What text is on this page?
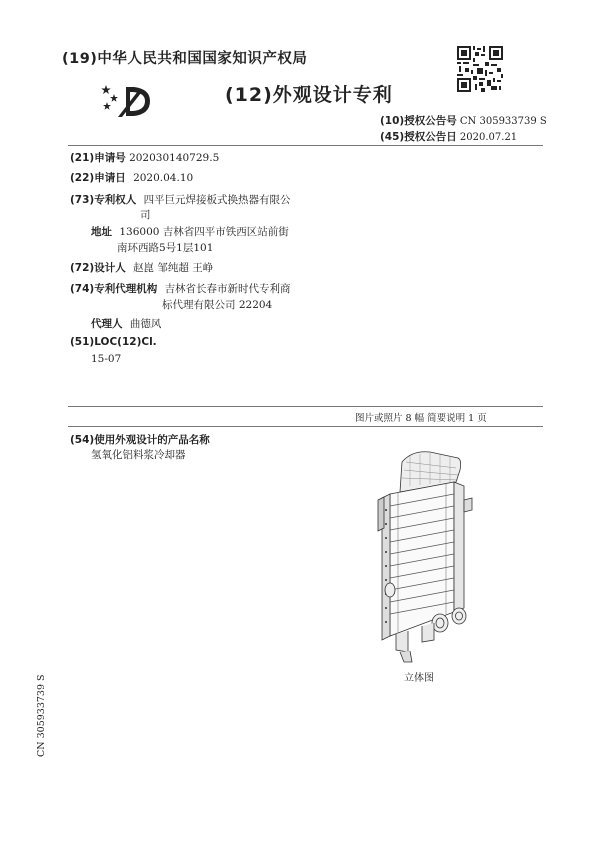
(19)中华人民共和国国家知识产权局
(12)外观设计专利
(10)授权公告号 CN 305933739 S
(45)授权公告日 2020.07.21
(21)申请号 202030140729.5
(22)申请日 2020.04.10
(73)专利权人 四平巨元焊接板式换热器有限公
司
地址 136000 吉林省四平市铁西区站前街
南环西路5号1层101
(72)设计人 赵崑 邹纯超 王峥
(74)专利代理机构 吉林省长春市新时代专利商
标代理有限公司 22204
代理人 曲德风
(51)LOC(12)Cl.
15-07
图片或照片 8 幅 简要说明 1 页
(54)使用外观设计的产品名称
氢氧化铝料浆冷却器
立体图
CN 305933739 S
